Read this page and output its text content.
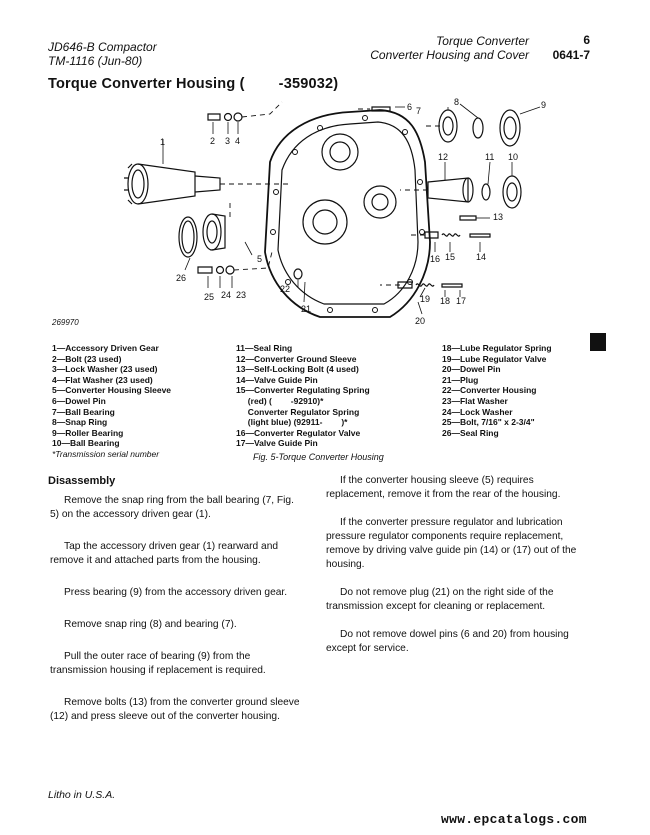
JD646-B Compactor
TM-1116 (Jun-80)
Torque Converter
Converter Housing and Cover
6
0641-7
Torque Converter Housing ( -359032)
1	2 3 4
5
6 7
8	9
10
11
12
13
14
15
16
17
18
19
20
21
22
23
24
25
26
269970
1—Accessory Driven Gear
2—Bolt (23 used)
3—Lock Washer (23 used)
4—Flat Washer (23 used)
5—Converter Housing Sleeve
6—Dowel Pin
7—Ball Bearing
8—Snap Ring
9—Roller Bearing
10—Ball Bearing
*Transmission serial number
11—Seal Ring
12—Converter Ground Sleeve
13—Self-Locking Bolt (4 used)
14—Valve Guide Pin
15—Converter Regulating Spring
(red) (        -92910)*
Converter Regulator Spring
(light blue) (92911-        )*
16—Converter Regulator Valve
17—Valve Guide Pin
18—Lube Regulator Spring
19—Lube Regulator Valve
20—Dowel Pin
21—Plug
22—Converter Housing
23—Flat Washer
24—Lock Washer
25—Bolt, 7/16" x 2-3/4"
26—Seal Ring
Fig. 5-Torque Converter Housing
Disassembly

Remove the snap ring from the ball bearing (7, Fig. 5) on the accessory driven gear (1).

Tap the accessory driven gear (1) rearward and remove it and attached parts from the housing.

Press bearing (9) from the accessory driven gear.

Remove snap ring (8) and bearing (7).

Pull the outer race of bearing (9) from the transmission housing if replacement is required.

Remove bolts (13) from the converter ground sleeve (12) and press sleeve out of the converter housing.

If the converter housing sleeve (5) requires replacement, remove it from the rear of the housing.

If the converter pressure regulator and lubrication pressure regulator components require replacement, remove by driving valve guide pin (14) or (17) out of the housing.

Do not remove plug (21) on the right side of the transmission except for cleaning or replacement.

Do not remove dowel pins (6 and 20) from housing except for service.

Litho in U.S.A.
www.epcatalogs.com
